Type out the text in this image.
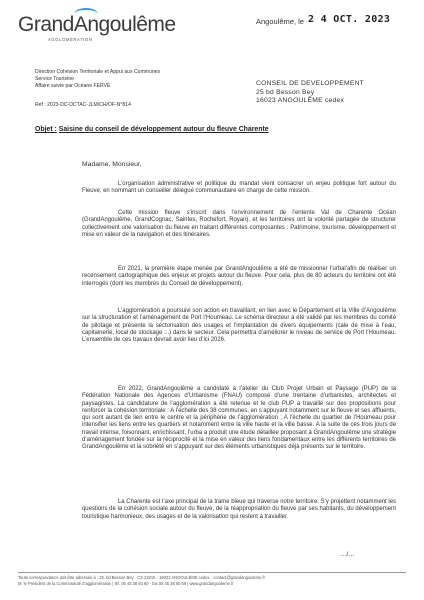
GrandAngoulême
AGGLOMÉRATION
Angoulême, le 2 4 OCT. 2023
Direction Cohésion Territoriale et Appui aux Communes
Service Tourisme
Affaire suivie par Océane FERVÉ
Réf : 2023-DC-DCTAC-JLM/CH/OF-N°814
CONSEIL DE DEVELOPPEMENT
25 bd Besson Bey
16023 ANGOULÊME cedex
Objet : Saisine du conseil de développement autour du fleuve Charente
Madame, Monsieur,
L’organisation administrative et politique du mandat vient consacrer un enjeu politique fort autour du Fleuve, en nommant un conseiller délégué communautaire en charge de cette mission.
Cette mission fleuve s’inscrit dans l’environnement de l’entente Val de Charente Océan (GrandAngoulême, GrandCognac, Saintes, Rochefort, Royan), et les territoires ont la volonté partagée de structurer collectivement une valorisation du fleuve en traitant différentes composantes : Patrimoine, tourisme, développement et mise en valeur de la navigation et des itinéraires.
En 2021, la première étape menée par GrandAngoulême a été de missionner l’urbal’afin de réaliser un recensement cartographique des enjeux et projets autour du fleuve. Pour cela, plus de 80 acteurs du territoire ont été interrogés (dont les membres du Conseil de développement).
L’agglomération a poursuivi son action en travaillant, en lien avec le Département et la Ville d’Angoulême sur la structuration et l’aménagement de Port l’Houmeau. Le schéma directeur a été validé par les membres du comité de pilotage et présente la sectorisation des usages et l’implantation de divers équipements (cale de mise à l’eau, capitainerie, local de stockage ...) dans le secteur. Cela permettra d’améliorer le niveau de service de Port l’Houmeau. L’ensemble de ces travaux devrait avoir lieu d’ici 2026.
En 2022, GrandAngoulême a candidaté à l’atelier du Club Projet Urbain et Paysage (PUP) de la Fédération Nationale des Agences d’Urbanisme (FNAU) composé d’une trentaine d’urbanistes, architectes et paysagistes. La candidature de l’agglomération a été retenue et le club PUP a travaillé sur des propositions pour renforcer la cohésion territoriale : A l’échelle des 38 communes, en s’appuyant notamment sur le fleuve et ses affluents, qui sont autant de lien entre le centre et la périphérie de l’agglomération ; A l’échelle du quartier de l’Houmeau pour intensifier les liens entre les quartiers et notamment entre la ville haute et la ville basse. A la suite de ces trois jours de travail intense, foisonnant, enrichissant, l’urba a produit une étude détaillée proposant à GrandAngoulême une stratégie d’aménagement fondée sur la réciprocité et la mise en valeur des liens fondamentaux entre les différents territoires de GrandAngoulême et la sobriété en s’appuyant sur des éléments urbanistiques déjà présents sur le territoire.
La Charente est l’axe principal de la trame bleue qui traverse notre territoire. S’y projettent notamment les questions de la cohésion sociale autour du fleuve, de la réappropriation du fleuve par ses habitants, du développement touristique harmonieux, des usages et de la valorisation qui restent à travailler.
…/…
Toute correspondance doit être adressée à : 25, bd Besson Bey · CS 23215 · 16023 ANGOULÊME cedex · contact@grandangouleme.fr
M. le Président de la Communauté d’agglomération | tél. 05 45 38 60 60 · fax 05 45 38 60 59 | www.grandangouleme.fr
